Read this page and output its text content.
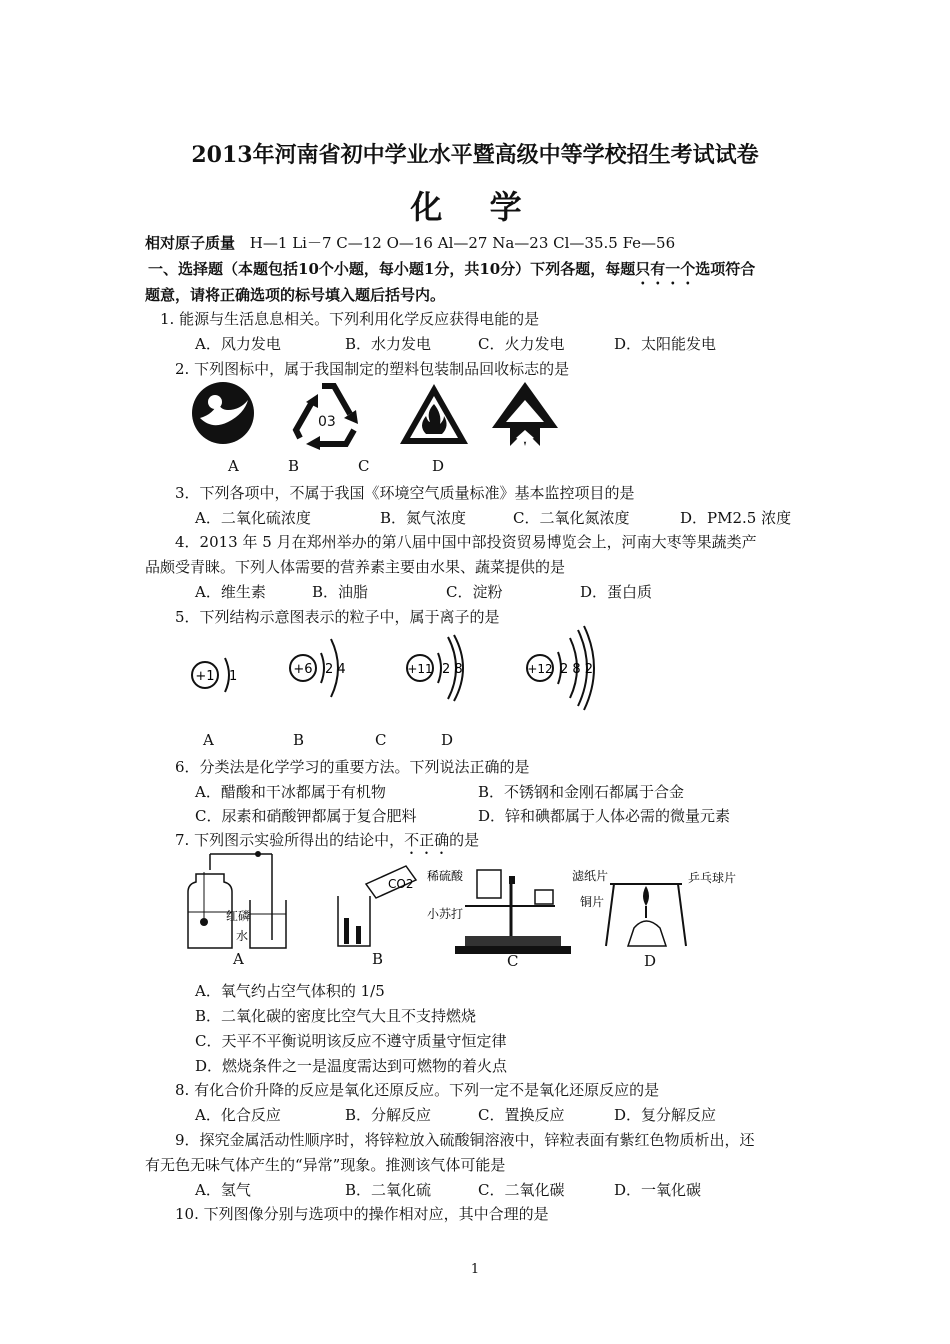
2013年河南省初中学业水平暨高级中等学校招生考试试卷
化 学
相对原子质量 H—1 Li－7 C—12 O—16 Al—27 Na—23 Cl—35.5 Fe—56
一、选择题（本题包括10个小题，每小题1分，共10分）下列各题，每题只有一个选项符合
题意，请将正确选项的标号填入题后括号内。
1. 能源与生活息息相关。下列利用化学反应获得电能的是
A．风力发电	B．水力发电	C．火力发电	D．太阳能发电
2. 下列图标中，属于我国制定的塑料包装制品回收标志的是
03
A	B	C	D
3．下列各项中，不属于我国《环境空气质量标准》基本监控项目的是
A．二氧化硫浓度	B．氮气浓度	C．二氧化氮浓度	D．PM2.5 浓度
4．2013 年 5 月在郑州举办的第八届中国中部投资贸易博览会上，河南大枣等果蔬类产
品颇受青睐。下列人体需要的营养素主要由水果、蔬菜提供的是
A．维生素	B．油脂	C．淀粉	D．蛋白质
5．下列结构示意图表示的粒子中，属于离子的是
+1 1	+6 2 4	+11 2 8	+12 2 8 2
A	B	C	D
6．分类法是化学学习的重要方法。下列说法正确的是
A．醋酸和干冰都属于有机物	B．不锈钢和金刚石都属于合金
C．尿素和硝酸钾都属于复合肥料	D．锌和碘都属于人体必需的微量元素
7. 下列图示实验所得出的结论中，不正确的是
红磷
水
CO2
稀硫酸
小苏打
滤纸片
铜片
乒乓球片
A	B	C	D
A．氧气约占空气体积的 1/5
B．二氧化碳的密度比空气大且不支持燃烧
C．天平不平衡说明该反应不遵守质量守恒定律
D．燃烧条件之一是温度需达到可燃物的着火点
8. 有化合价升降的反应是氧化还原反应。下列一定不是氧化还原反应的是
A．化合反应	B．分解反应	C．置换反应	D．复分解反应
9．探究金属活动性顺序时，将锌粒放入硫酸铜溶液中，锌粒表面有紫红色物质析出，还
有无色无味气体产生的“异常”现象。推测该气体可能是
A．氢气	B．二氧化硫	C．二氧化碳	D．一氧化碳
10. 下列图像分别与选项中的操作相对应，其中合理的是
1
